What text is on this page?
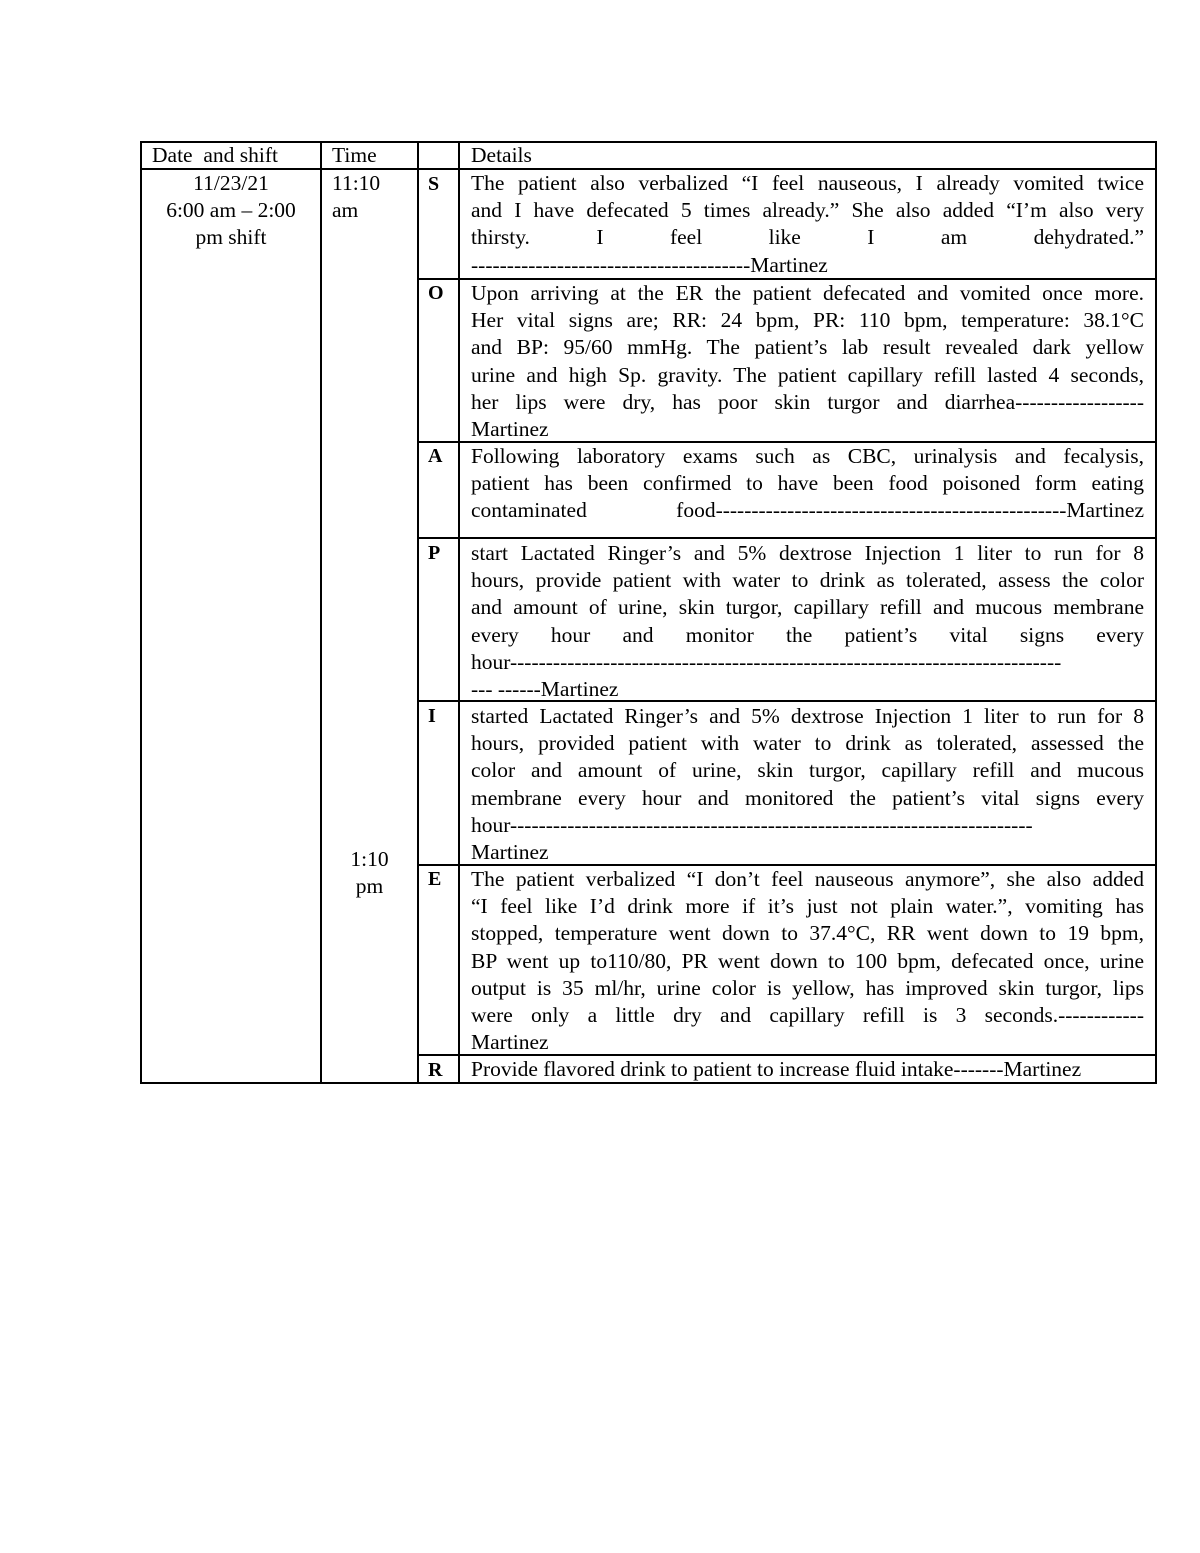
Date  and shift	Time	Details
11/23/21
6:00 am – 2:00
pm shift
11:10
am
1:10
pm
S The patient also verbalized “I feel nauseous, I already vomited twice
and I have defecated 5 times already.” She also added “I’m also very
thirsty. I feel like I am dehydrated.”
---------------------------------------Martinez
O Upon arriving at the ER the patient defecated and vomited once more.
Her vital signs are; RR: 24 bpm, PR: 110 bpm, temperature: 38.1°C
and BP: 95/60 mmHg. The patient’s lab result revealed dark yellow
urine and high Sp. gravity. The patient capillary refill lasted 4 seconds,
her lips were dry, has poor skin turgor and diarrhea------------------
Martinez
A Following laboratory exams such as CBC, urinalysis and fecalysis,
patient has been confirmed to have been food poisoned form eating
contaminated food-------------------------------------------------Martinez
P start Lactated Ringer’s and 5% dextrose Injection 1 liter to run for 8
hours, provide patient with water to drink as tolerated, assess the color
and amount of urine, skin turgor, capillary refill and mucous membrane
every hour and monitor the patient’s vital signs every
hour-----------------------------------------------------------------------------
--- ------Martinez
I started Lactated Ringer’s and 5% dextrose Injection 1 liter to run for 8
hours, provided patient with water to drink as tolerated, assessed the
color and amount of urine, skin turgor, capillary refill and mucous
membrane every hour and monitored the patient’s vital signs every
hour-------------------------------------------------------------------------
Martinez
E The patient verbalized “I don’t feel nauseous anymore”, she also added
“I feel like I’d drink more if it’s just not plain water.”, vomiting has
stopped, temperature went down to 37.4°C, RR went down to 19 bpm,
BP went up to110/80, PR went down to 100 bpm, defecated once, urine
output is 35 ml/hr, urine color is yellow, has improved skin turgor, lips
were only a little dry and capillary refill is 3 seconds.------------
Martinez
R Provide flavored drink to patient to increase fluid intake-------Martinez
